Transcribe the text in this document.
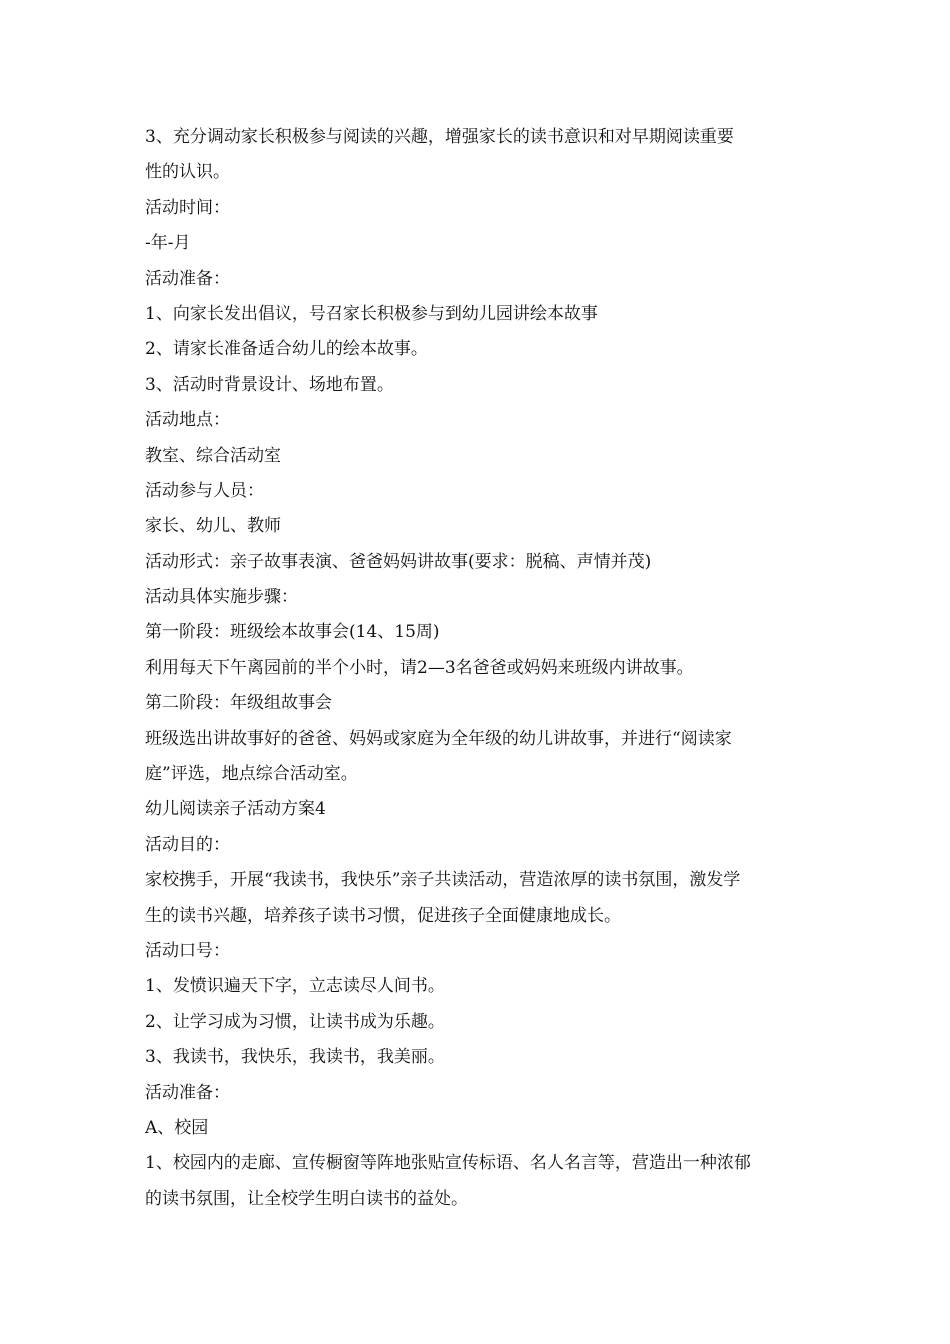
3、充分调动家长积极参与阅读的兴趣，增强家长的读书意识和对早期阅读重要
性的认识。
活动时间：
-年-月
活动准备：
1、向家长发出倡议，号召家长积极参与到幼儿园讲绘本故事
2、请家长准备适合幼儿的绘本故事。
3、活动时背景设计、场地布置。
活动地点：
教室、综合活动室
活动参与人员：
家长、幼儿、教师
活动形式：亲子故事表演、爸爸妈妈讲故事(要求：脱稿、声情并茂)
活动具体实施步骤：
第一阶段：班级绘本故事会(14、15周)
利用每天下午离园前的半个小时，请2—3名爸爸或妈妈来班级内讲故事。
第二阶段：年级组故事会
班级选出讲故事好的爸爸、妈妈或家庭为全年级的幼儿讲故事，并进行“阅读家
庭”评选，地点综合活动室。
幼儿阅读亲子活动方案4
活动目的：
家校携手，开展“我读书，我快乐”亲子共读活动，营造浓厚的读书氛围，激发学
生的读书兴趣，培养孩子读书习惯，促进孩子全面健康地成长。
活动口号：
1、发愤识遍天下字，立志读尽人间书。
2、让学习成为习惯，让读书成为乐趣。
3、我读书，我快乐，我读书，我美丽。
活动准备：
A、校园
1、校园内的走廊、宣传橱窗等阵地张贴宣传标语、名人名言等，营造出一种浓郁
的读书氛围，让全校学生明白读书的益处。
